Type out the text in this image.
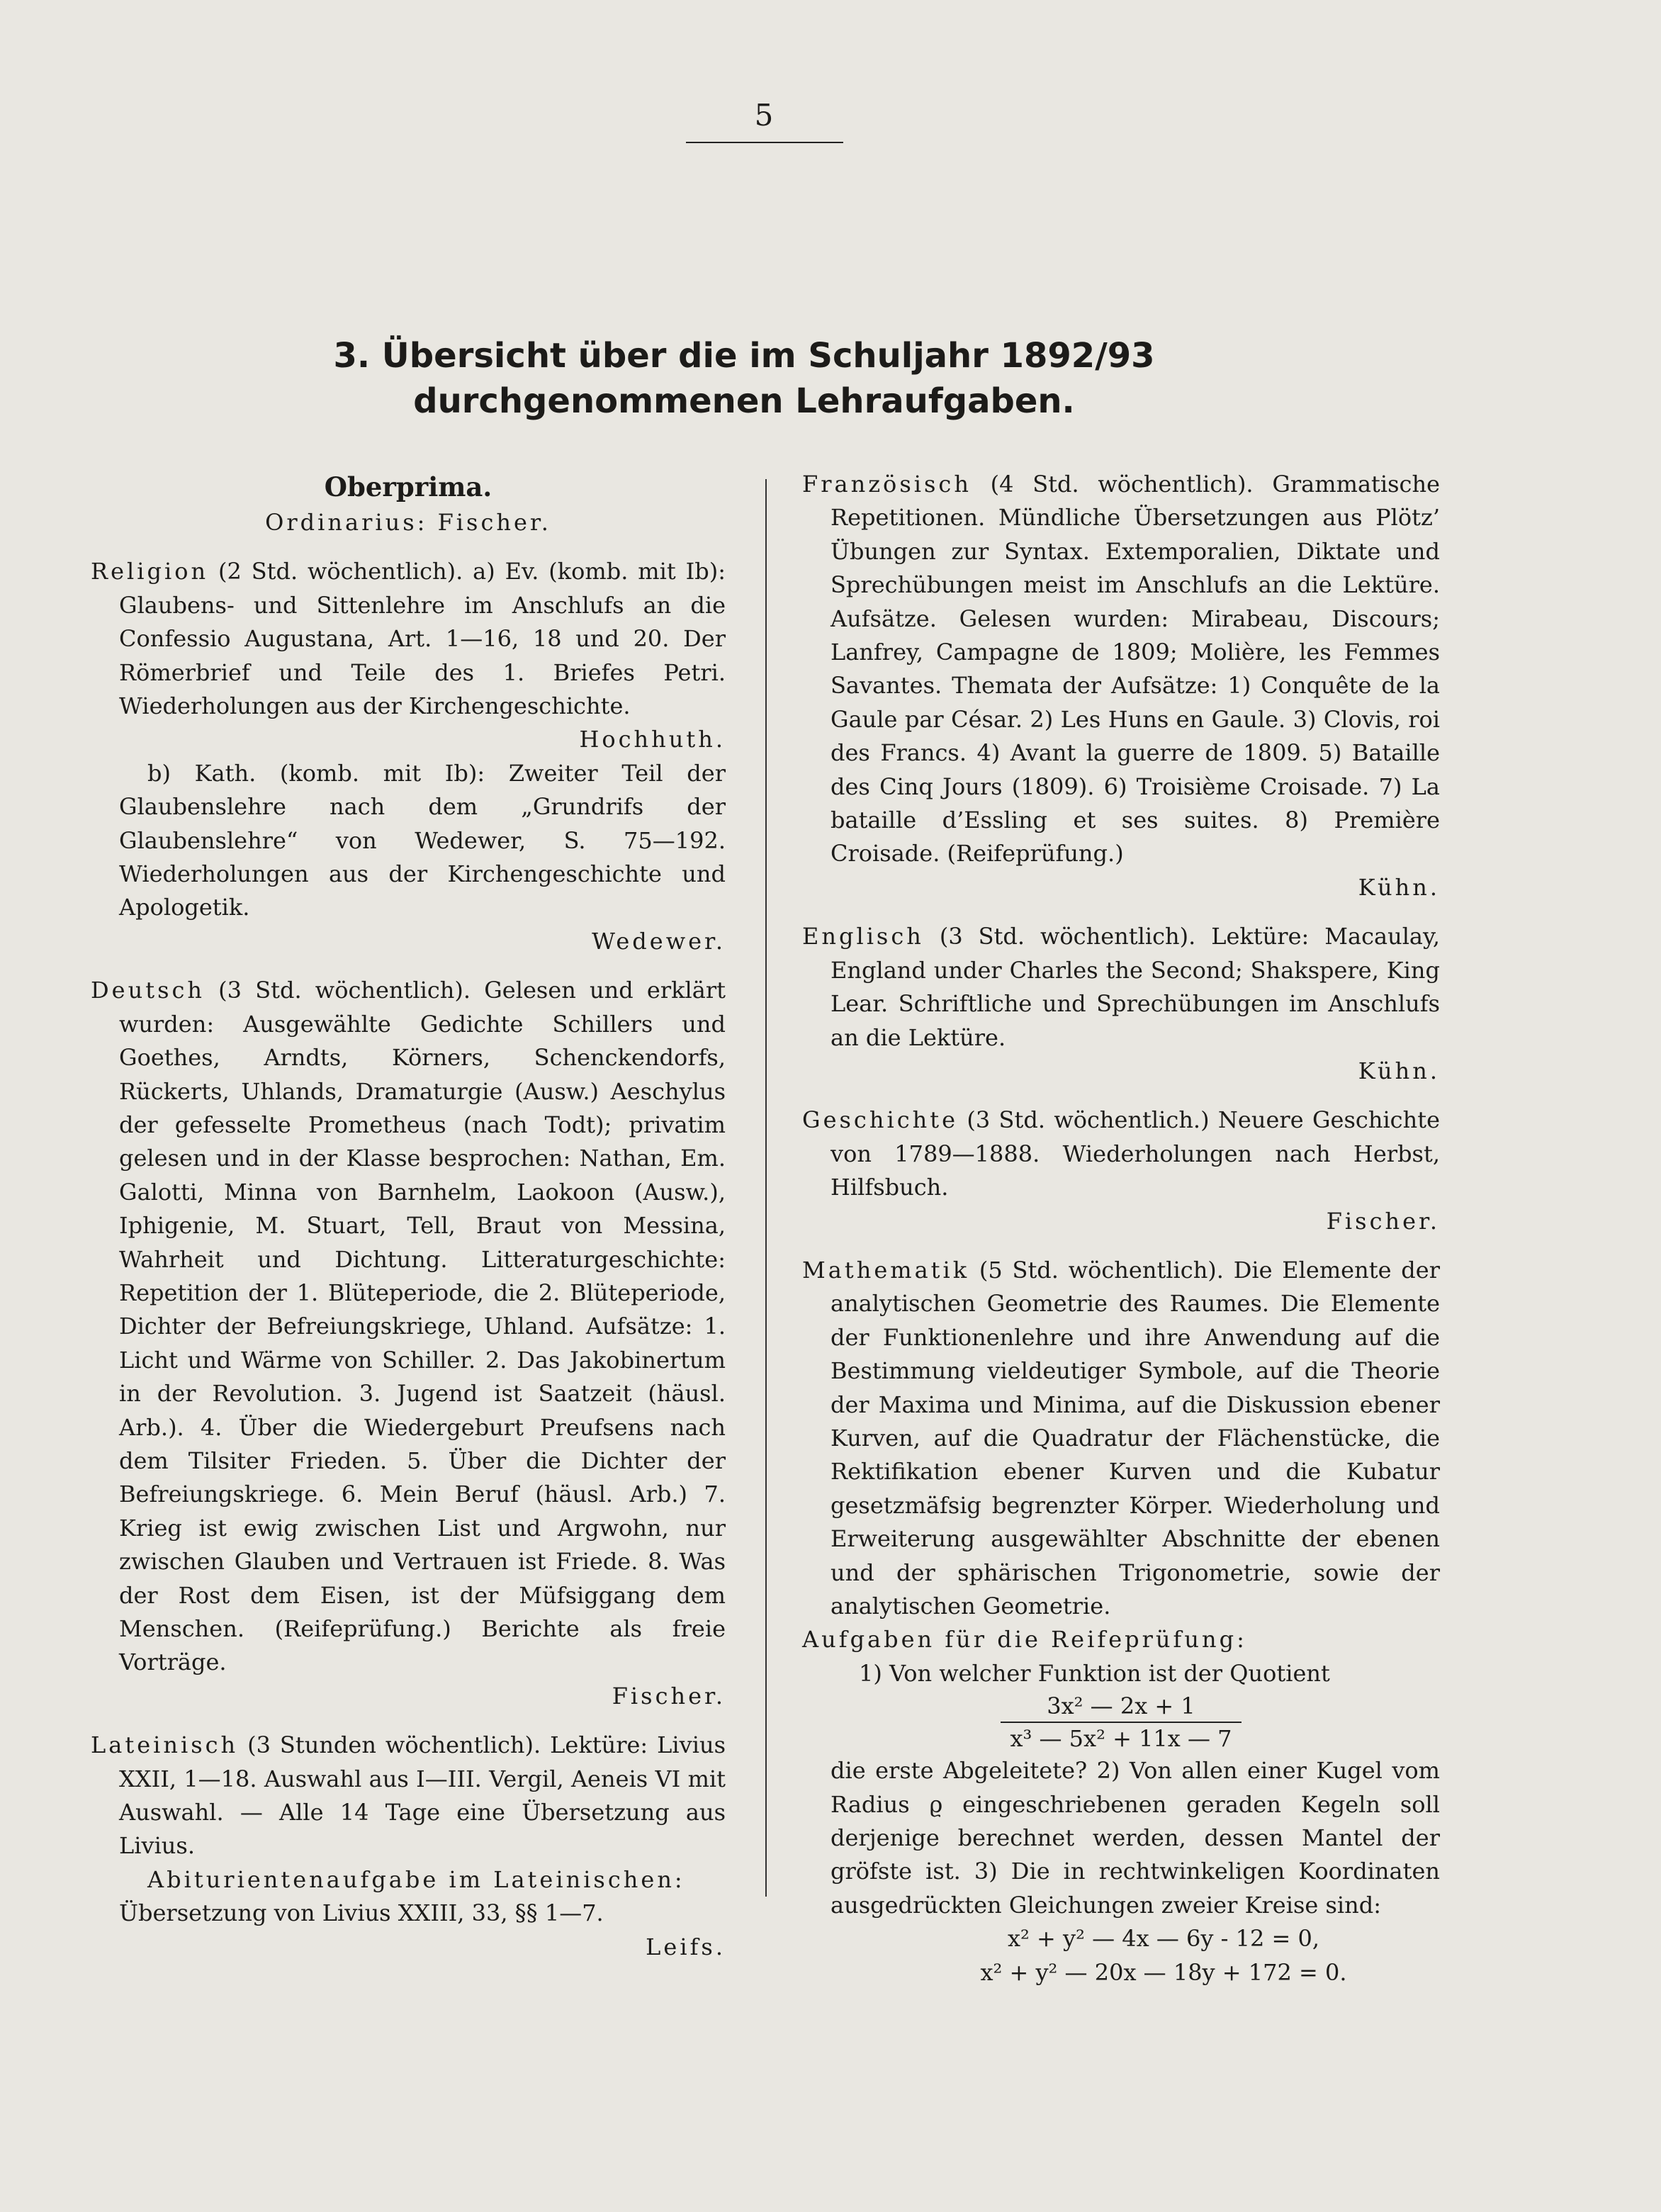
5
3. Übersicht über die im Schuljahr 1892/93
durchgenommenen Lehraufgaben.

Oberprima.

Ordinarius: Fischer.

Religion (2 Std. wöchentlich). a) Ev. (komb. mit Ib): Glaubens- und Sittenlehre im Anschlufs an die Confessio Augustana, Art. 1—16, 18 und 20. Der Römerbrief und Teile des 1. Briefes Petri. Wiederholungen aus der Kirchengeschichte.

Hochhuth.

b) Kath. (komb. mit Ib): Zweiter Teil der Glaubenslehre nach dem „Grundrifs der Glaubenslehre“ von Wedewer, S. 75—192. Wiederholungen aus der Kirchengeschichte und Apologetik.

Wedewer.

Deutsch (3 Std. wöchentlich). Gelesen und erklärt wurden: Ausgewählte Gedichte Schillers und Goethes, Arndts, Körners, Schenckendorfs, Rückerts, Uhlands, Dramaturgie (Ausw.) Aeschylus der gefesselte Prometheus (nach Todt); privatim gelesen und in der Klasse besprochen: Nathan, Em. Galotti, Minna von Barnhelm, Laokoon (Ausw.), Iphigenie, M. Stuart, Tell, Braut von Messina, Wahrheit und Dichtung. Litteraturgeschichte: Repetition der 1. Blüteperiode, die 2. Blüteperiode, Dichter der Befreiungskriege, Uhland. Aufsätze: 1. Licht und Wärme von Schiller. 2. Das Jakobinertum in der Revolution. 3. Jugend ist Saatzeit (häusl. Arb.). 4. Über die Wiedergeburt Preufsens nach dem Tilsiter Frieden. 5. Über die Dichter der Befreiungskriege. 6. Mein Beruf (häusl. Arb.) 7. Krieg ist ewig zwischen List und Argwohn, nur zwischen Glauben und Vertrauen ist Friede. 8. Was der Rost dem Eisen, ist der Müfsiggang dem Menschen. (Reifeprüfung.) Berichte als freie Vorträge.

Fischer.

Lateinisch (3 Stunden wöchentlich). Lektüre: Livius XXII, 1—18. Auswahl aus I—III. Vergil, Aeneis VI mit Auswahl. — Alle 14 Tage eine Übersetzung aus Livius.

Abiturientenaufgabe im Lateinischen:

Übersetzung von Livius XXIII, 33, §§ 1—7.

Leifs.

Französisch (4 Std. wöchentlich). Grammatische Repetitionen. Mündliche Übersetzungen aus Plötz’ Übungen zur Syntax. Extemporalien, Diktate und Sprechübungen meist im Anschlufs an die Lektüre. Aufsätze. Gelesen wurden: Mirabeau, Discours; Lanfrey, Campagne de 1809; Molière, les Femmes Savantes. Themata der Aufsätze: 1) Conquête de la Gaule par César. 2) Les Huns en Gaule. 3) Clovis, roi des Francs. 4) Avant la guerre de 1809. 5) Bataille des Cinq Jours (1809). 6) Troisième Croisade. 7) La bataille d’Essling et ses suites. 8) Première Croisade. (Reifeprüfung.)

Kühn.

Englisch (3 Std. wöchentlich). Lektüre: Macaulay, England under Charles the Second; Shakspere, King Lear. Schriftliche und Sprechübungen im Anschlufs an die Lektüre.

Kühn.

Geschichte (3 Std. wöchentlich.) Neuere Geschichte von 1789—1888. Wiederholungen nach Herbst, Hilfsbuch.

Fischer.

Mathematik (5 Std. wöchentlich). Die Elemente der analytischen Geometrie des Raumes. Die Elemente der Funktionenlehre und ihre Anwendung auf die Bestimmung vieldeutiger Symbole, auf die Theorie der Maxima und Minima, auf die Diskussion ebener Kurven, auf die Quadratur der Flächenstücke, die Rektifikation ebener Kurven und die Kubatur gesetzmäfsig begrenzter Körper. Wiederholung und Erweiterung ausgewählter Abschnitte der ebenen und der sphärischen Trigonometrie, sowie der analytischen Geometrie.

Aufgaben für die Reifeprüfung:

1) Von welcher Funktion ist der Quotient

3x² — 2x + 1
x³ — 5x² + 11x — 7

die erste Abgeleitete? 2) Von allen einer Kugel vom Radius ϱ eingeschriebenen geraden Kegeln soll derjenige berechnet werden, dessen Mantel der gröfste ist. 3) Die in rechtwinkeligen Koordinaten ausgedrückten Gleichungen zweier Kreise sind:

x² + y² — 4x — 6y - 12 = 0,

x² + y² — 20x — 18y + 172 = 0.
